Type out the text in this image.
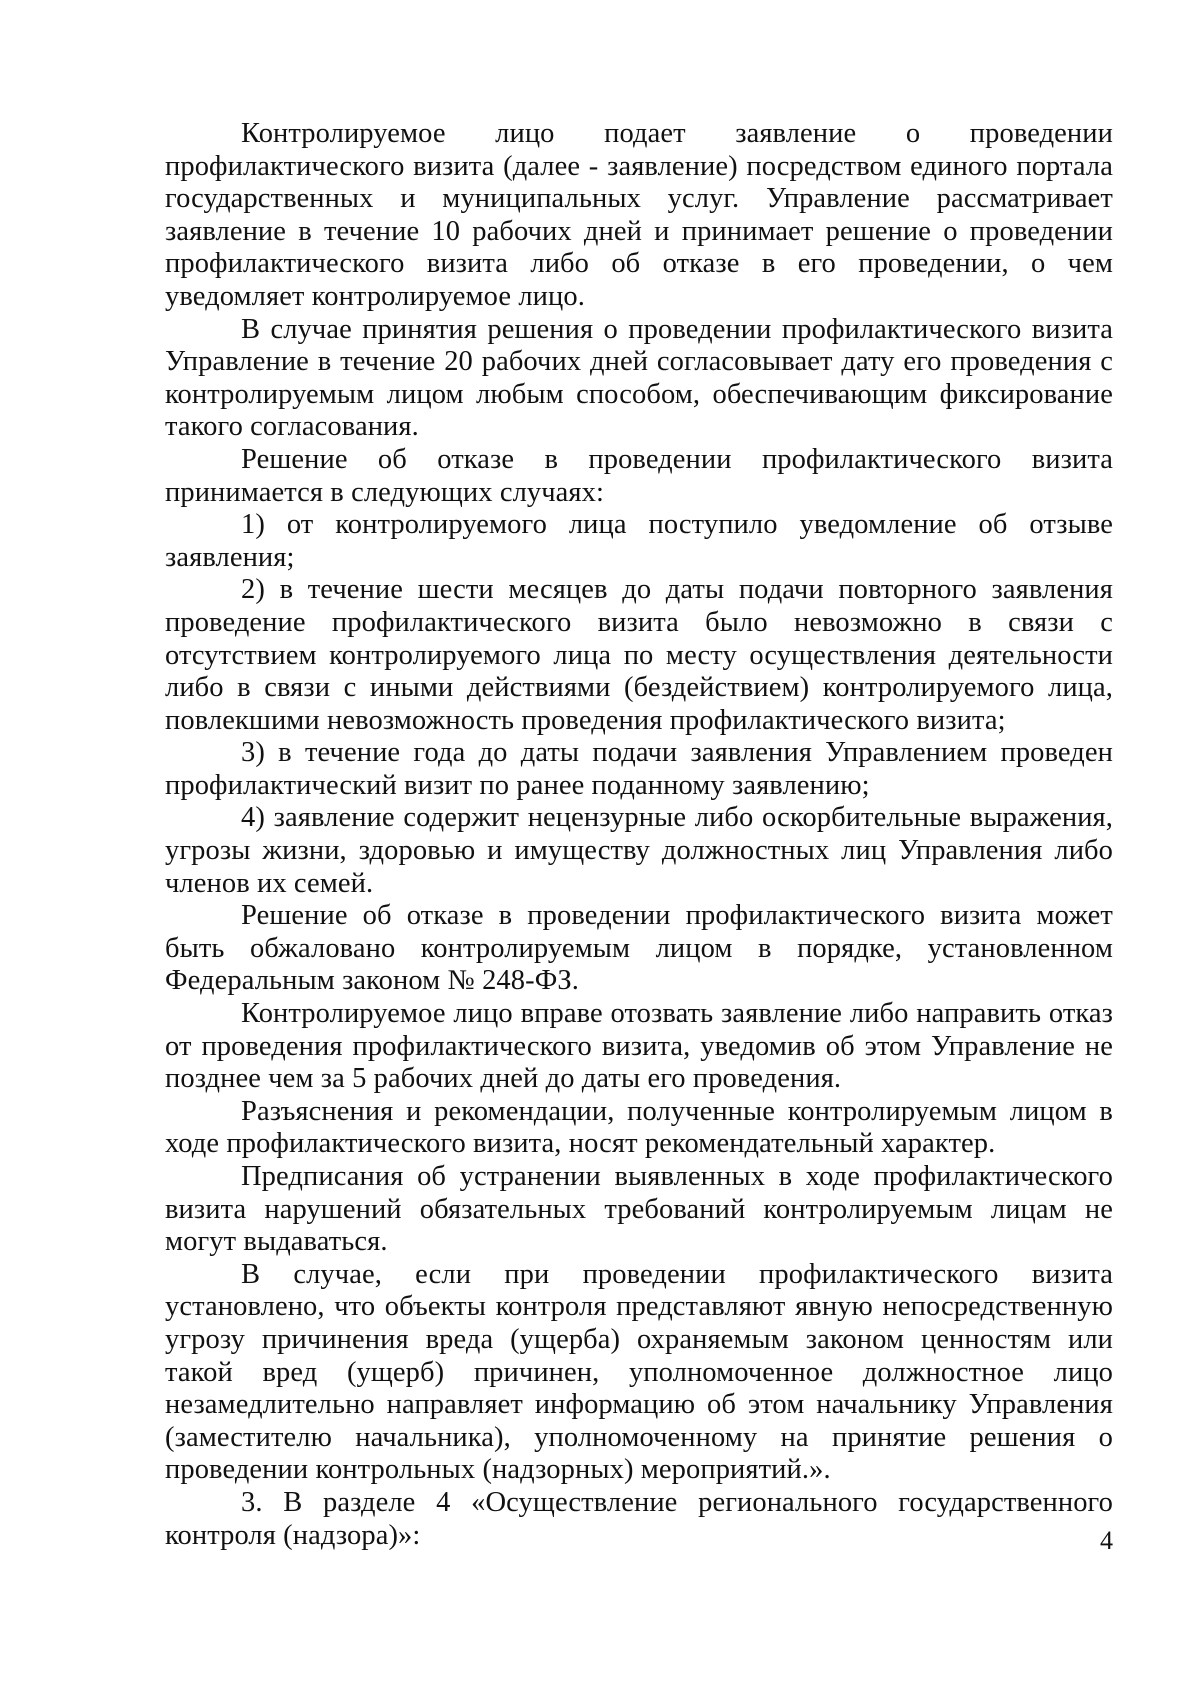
Контролируемое лицо подает заявление о проведении профилактического визита (далее - заявление) посредством единого портала государственных и муниципальных услуг. Управление рассматривает заявление в течение 10 рабочих дней и принимает решение о проведении профилактического визита либо об отказе в его проведении, о чем уведомляет контролируемое лицо.

В случае принятия решения о проведении профилактического визита Управление в течение 20 рабочих дней согласовывает дату его проведения с контролируемым лицом любым способом, обеспечивающим фиксирование такого согласования.

Решение об отказе в проведении профилактического визита принимается в следующих случаях:

1) от контролируемого лица поступило уведомление об отзыве заявления;

2) в течение шести месяцев до даты подачи повторного заявления проведение профилактического визита было невозможно в связи с отсутствием контролируемого лица по месту осуществления деятельности либо в связи с иными действиями (бездействием) контролируемого лица, повлекшими невозможность проведения профилактического визита;

3) в течение года до даты подачи заявления Управлением проведен профилактический визит по ранее поданному заявлению;

4) заявление содержит нецензурные либо оскорбительные выражения, угрозы жизни, здоровью и имуществу должностных лиц Управления либо членов их семей.

Решение об отказе в проведении профилактического визита может быть обжаловано контролируемым лицом в порядке, установленном Федеральным законом № 248-ФЗ.

Контролируемое лицо вправе отозвать заявление либо направить отказ от проведения профилактического визита, уведомив об этом Управление не позднее чем за 5 рабочих дней до даты его проведения.

Разъяснения и рекомендации, полученные контролируемым лицом в ходе профилактического визита, носят рекомендательный характер.

Предписания об устранении выявленных в ходе профилактического визита нарушений обязательных требований контролируемым лицам не могут выдаваться.

В случае, если при проведении профилактического визита установлено, что объекты контроля представляют явную непосредственную угрозу причинения вреда (ущерба) охраняемым законом ценностям или такой вред (ущерб) причинен, уполномоченное должностное лицо незамедлительно направляет информацию об этом начальнику Управления (заместителю начальника), уполномоченному на принятие решения о проведении контрольных (надзорных) мероприятий.».

3. В разделе 4 «Осуществление регионального государственного контроля (надзора)»:	4
